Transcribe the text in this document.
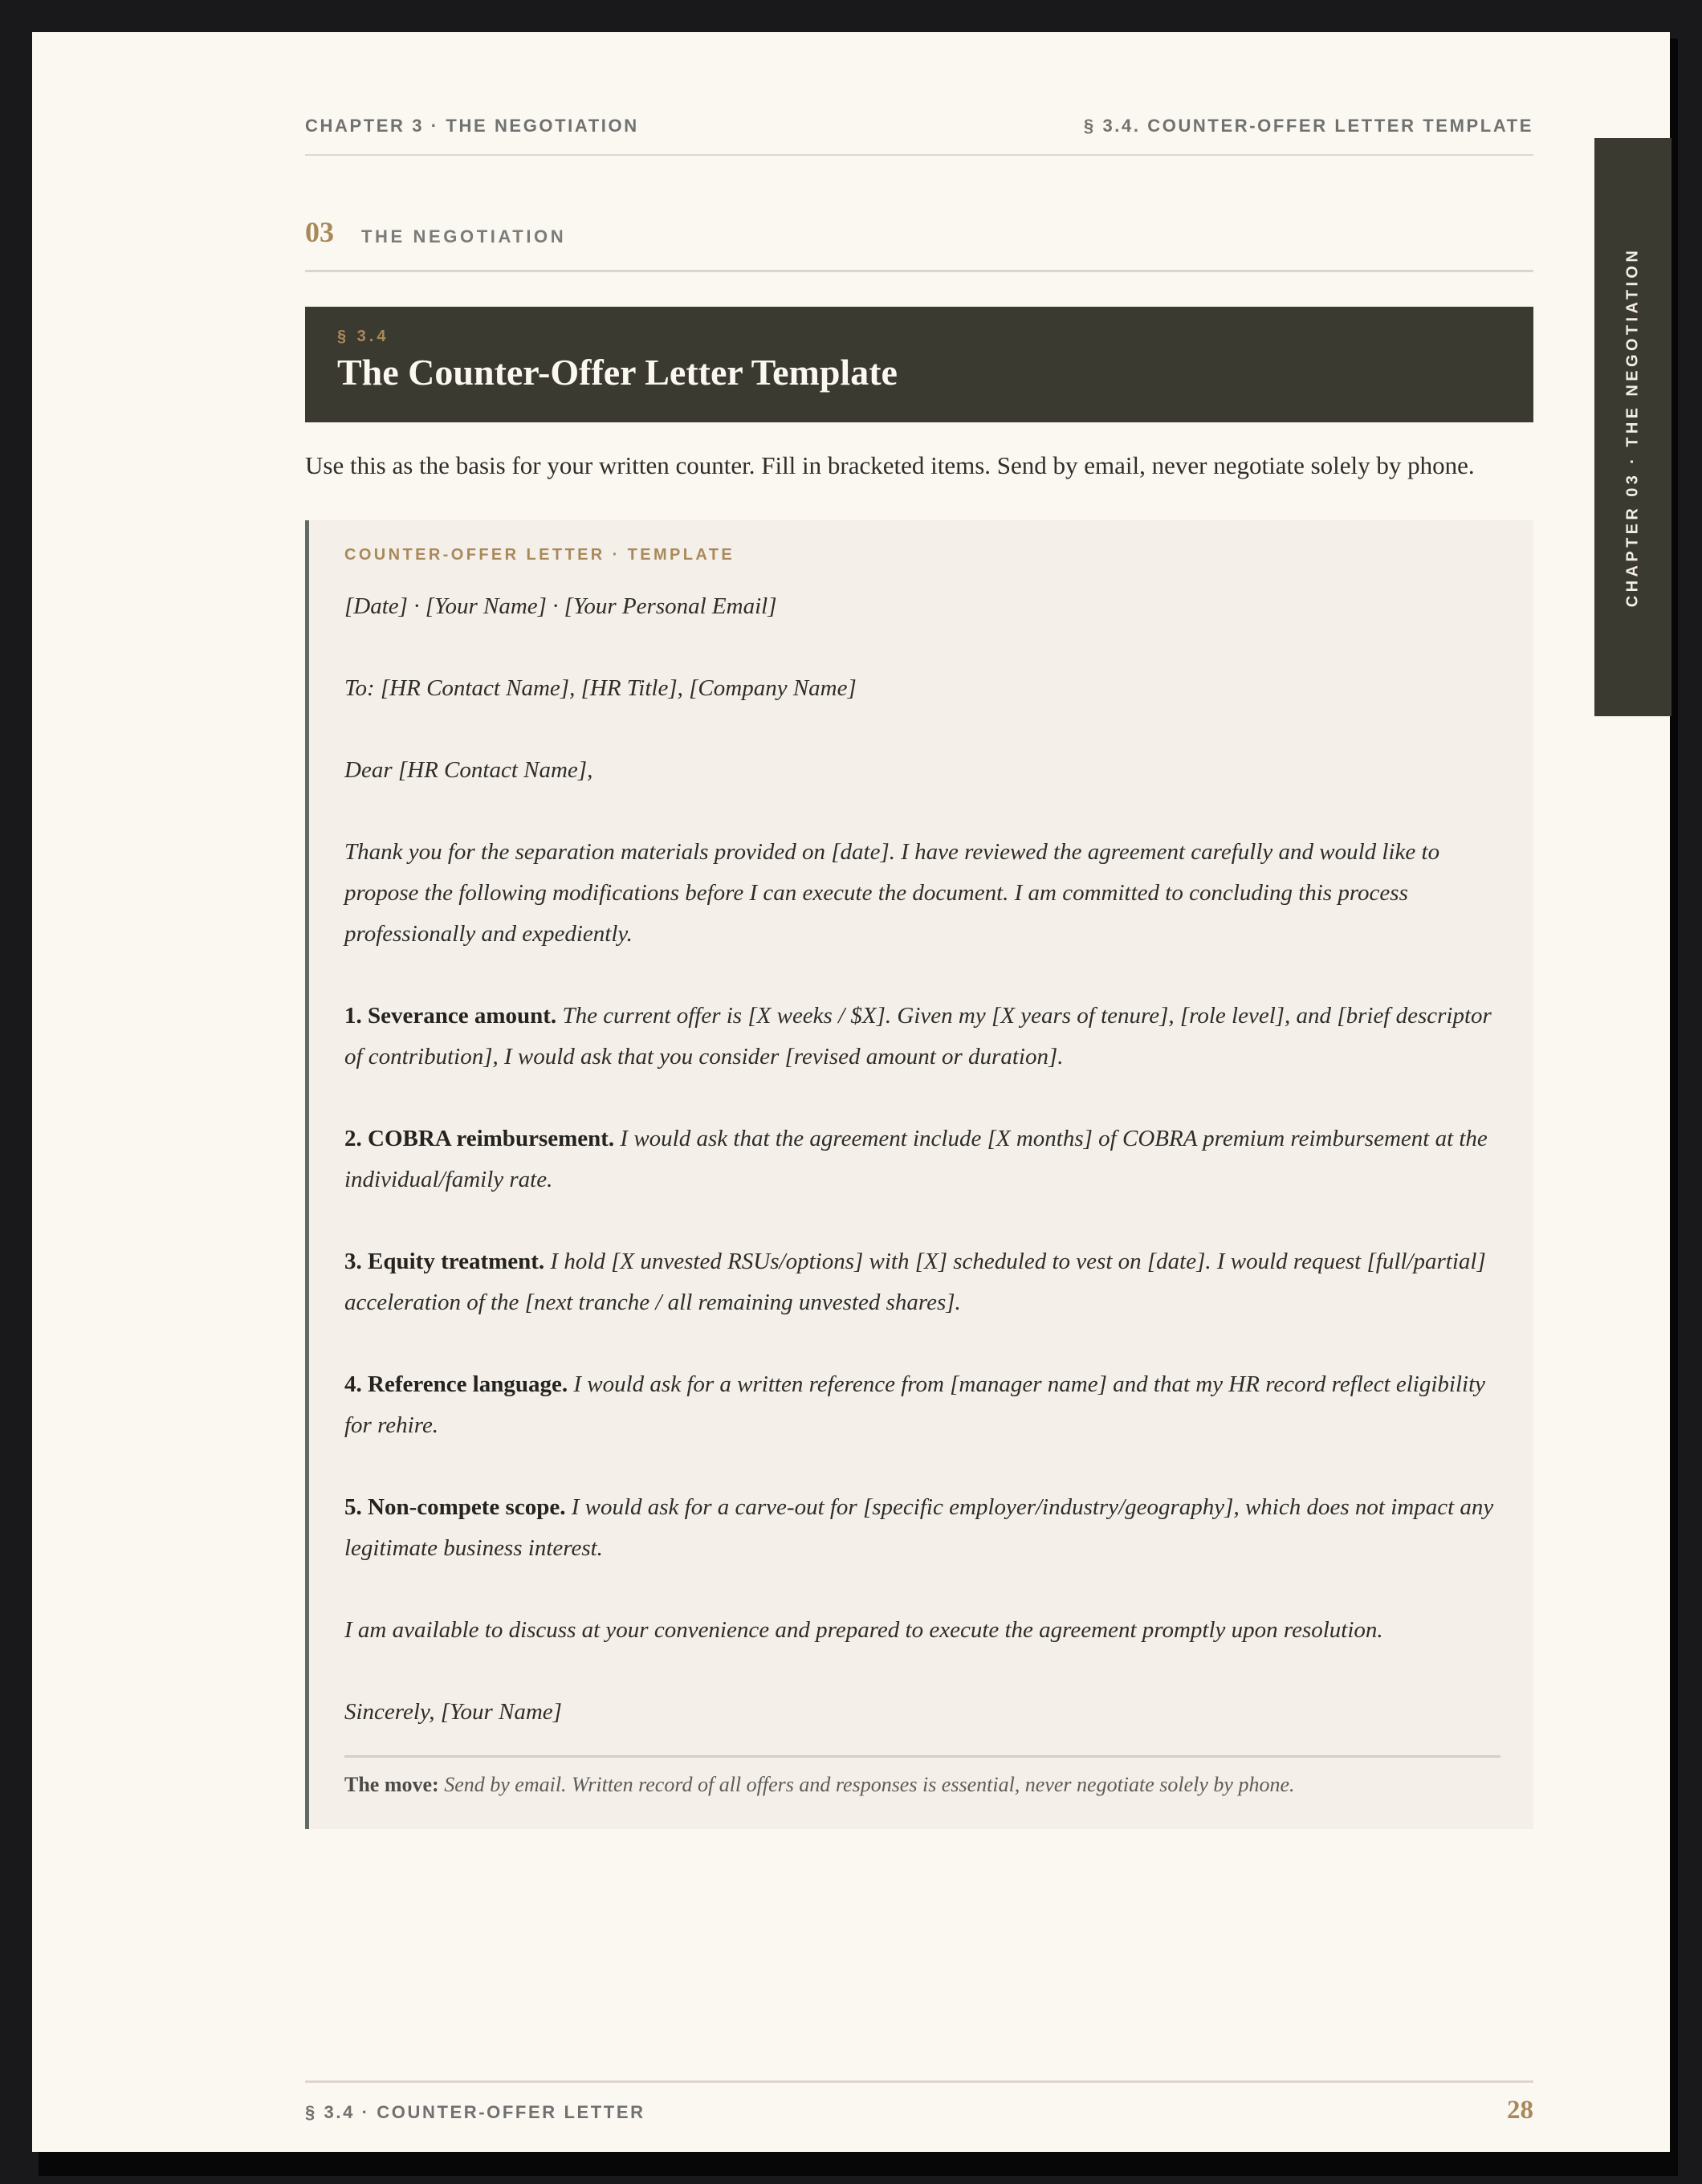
CHAPTER 3 · THE NEGOTIATION	§ 3.4. COUNTER-OFFER LETTER TEMPLATE
03 THE NEGOTIATION
§ 3.4
The Counter-Offer Letter Template
Use this as the basis for your written counter. Fill in bracketed items. Send by email, never negotiate solely by phone.
COUNTER-OFFER LETTER · TEMPLATE

[Date] · [Your Name] · [Your Personal Email]

To: [HR Contact Name], [HR Title], [Company Name]

Dear [HR Contact Name],

Thank you for the separation materials provided on [date]. I have reviewed the agreement carefully and would like to propose the following modifications before I can execute the document. I am committed to concluding this process professionally and expediently.

1. Severance amount. The current offer is [X weeks / $X]. Given my [X years of tenure], [role level], and [brief descriptor of contribution], I would ask that you consider [revised amount or duration].

2. COBRA reimbursement. I would ask that the agreement include [X months] of COBRA premium reimbursement at the individual/family rate.

3. Equity treatment. I hold [X unvested RSUs/options] with [X] scheduled to vest on [date]. I would request [full/partial] acceleration of the [next tranche / all remaining unvested shares].

4. Reference language. I would ask for a written reference from [manager name] and that my HR record reflect eligibility for rehire.

5. Non-compete scope. I would ask for a carve-out for [specific employer/industry/geography], which does not impact any legitimate business interest.

I am available to discuss at your convenience and prepared to execute the agreement promptly upon resolution.

Sincerely, [Your Name]

The move: Send by email. Written record of all offers and responses is essential, never negotiate solely by phone.
§ 3.4 · COUNTER-OFFER LETTER	28
CHAPTER 03 · THE NEGOTIATION
